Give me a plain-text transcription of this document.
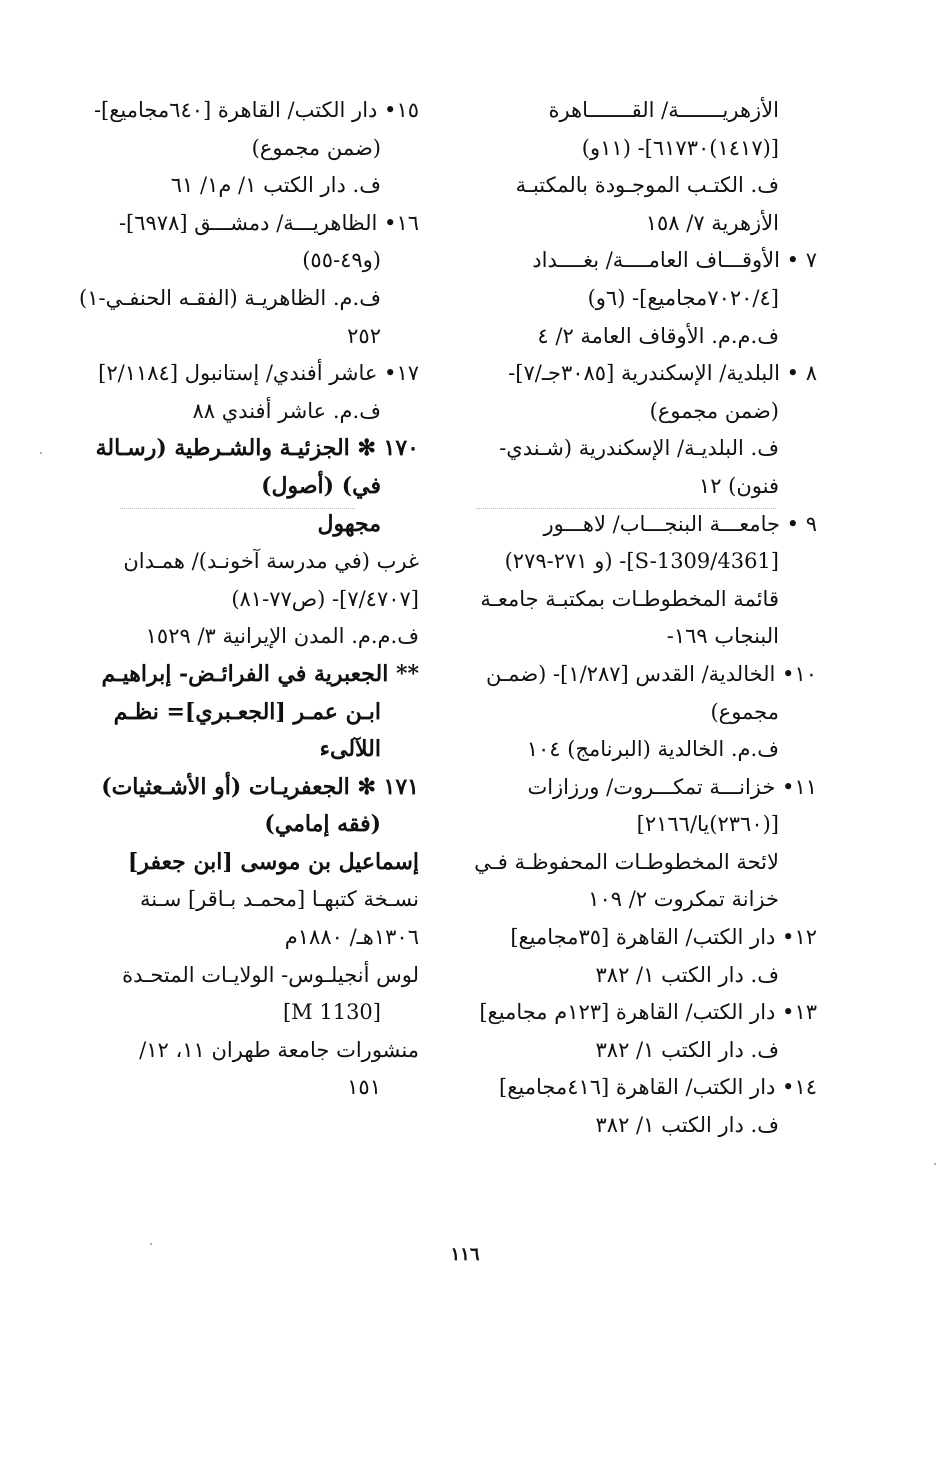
الأزهريـــــــة/ القـــــــاهرة
[(١٤١٧)٦١٧٣٠]- (١١و)
ف. الكتـب الموجـودة بالمكتبـة
الأزهرية ٧/ ١٥٨
٧ • الأوقـــاف العامــــة/ بغــــداد
[٧٠٢٠/٤مجاميع]- (٦و)
ف.م.م. الأوقاف العامة ٢/ ٤
٨ • البلدية/ الإسكندرية [٣٠٨٥جـ/٧]-
(ضمن مجموع)
ف. البلديـة/ الإسكندرية (شـندي-
فنون) ١٢
٩ • جامعـــة البنجـــاب/ لاهـــور
[S-1309/4361]- (و ٢٧١-٢٧٩)
قائمة المخطوطـات بمكتبـة جامعـة
البنجاب ١٦٩-
١٠• الخالدية/ القدس [١/٢٨٧]- (ضمـن
مجموع)
ف.م. الخالدية (البرنامج) ١٠٤
١١• خزانـــة تمكـــروت/ ورزازات
[(٢٣٦٠)يا/٢١٦٦]
لائحة المخطوطـات المحفوظـة فـي
خزانة تمكروت ٢/ ١٠٩
١٢• دار الكتب/ القاهرة [٣٥مجاميع]
ف. دار الكتب ١/ ٣٨٢
١٣• دار الكتب/ القاهرة [١٢٣م مجاميع]
ف. دار الكتب ١/ ٣٨٢
١٤• دار الكتب/ القاهرة [٤١٦مجاميع]
ف. دار الكتب ١/ ٣٨٢
١٥• دار الكتب/ القاهرة [٦٤٠مجاميع]-
(ضمن مجموع)
ف. دار الكتب ١/ م١/ ٦١
١٦• الظاهريـــة/ دمشـــق [٦٩٧٨]-
(و٤٩-٥٥)
ف.م. الظاهريـة (الفقـه الحنفـي-١)
٢٥٢
١٧• عاشر أفندي/ إستانبول [٢/١١٨٤]
ف.م. عاشر أفندي ٨٨
١٧٠ ✻ الجزئيـة والشـرطية (رسـالة
في) (أصول)
مجهول
غرب (في مدرسة آخونـد)/ همـدان
[٧/٤٧٠٧]- (ص٧٧-٨١)
ف.م.م. المدن الإيرانية ٣/ ١٥٢٩
** الجعبرية في الفرائـض- إبراهيـم
ابـن عمـر [الجعـبري]= نظـم
اللآلىء
١٧١ ✻ الجعفريـات (أو الأشـعثيات)
(فقه إمامي)
إسماعيل بن موسى [ابن جعفر]
نسـخة كتبهـا [محمـد بـاقر] سـنة
١٣٠٦هـ/ ١٨٨٠م
لوس أنجيلـوس- الولايـات المتحـدة
[M 1130]
منشورات جامعة طهران ١١، ١٢/
١٥١
١١٦
